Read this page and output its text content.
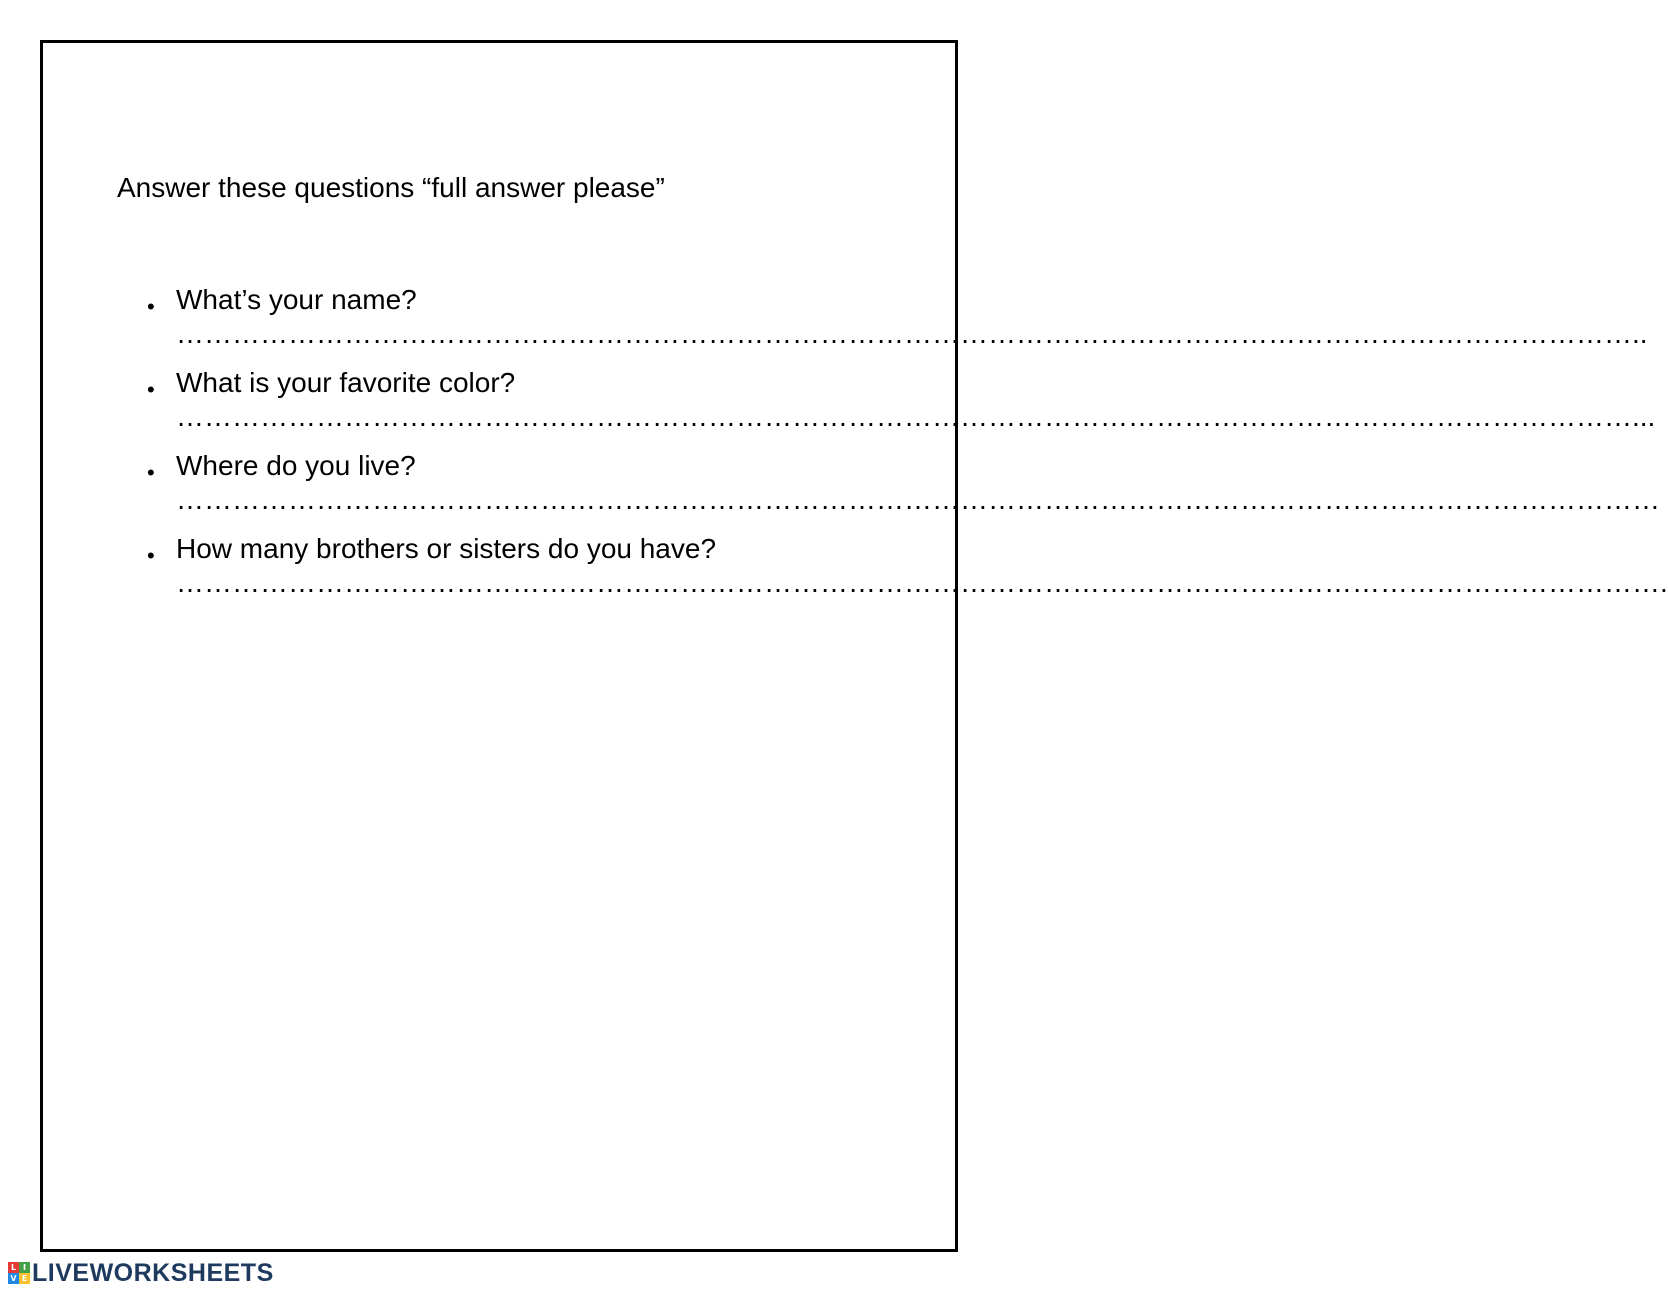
Answer these questions “full answer please”

• What’s your name?
…………………………………………………………………………………………………………………………………………..
• What is your favorite color?
…………………………………………………………………………………………………………………………………………...
• Where do you live?
……………………………………………………………………………………………………………………………………………
• How many brothers or sisters do you have?
…………………………………………………………………………………………………………………………………………….
L I
V E LIVEWORKSHEETS
